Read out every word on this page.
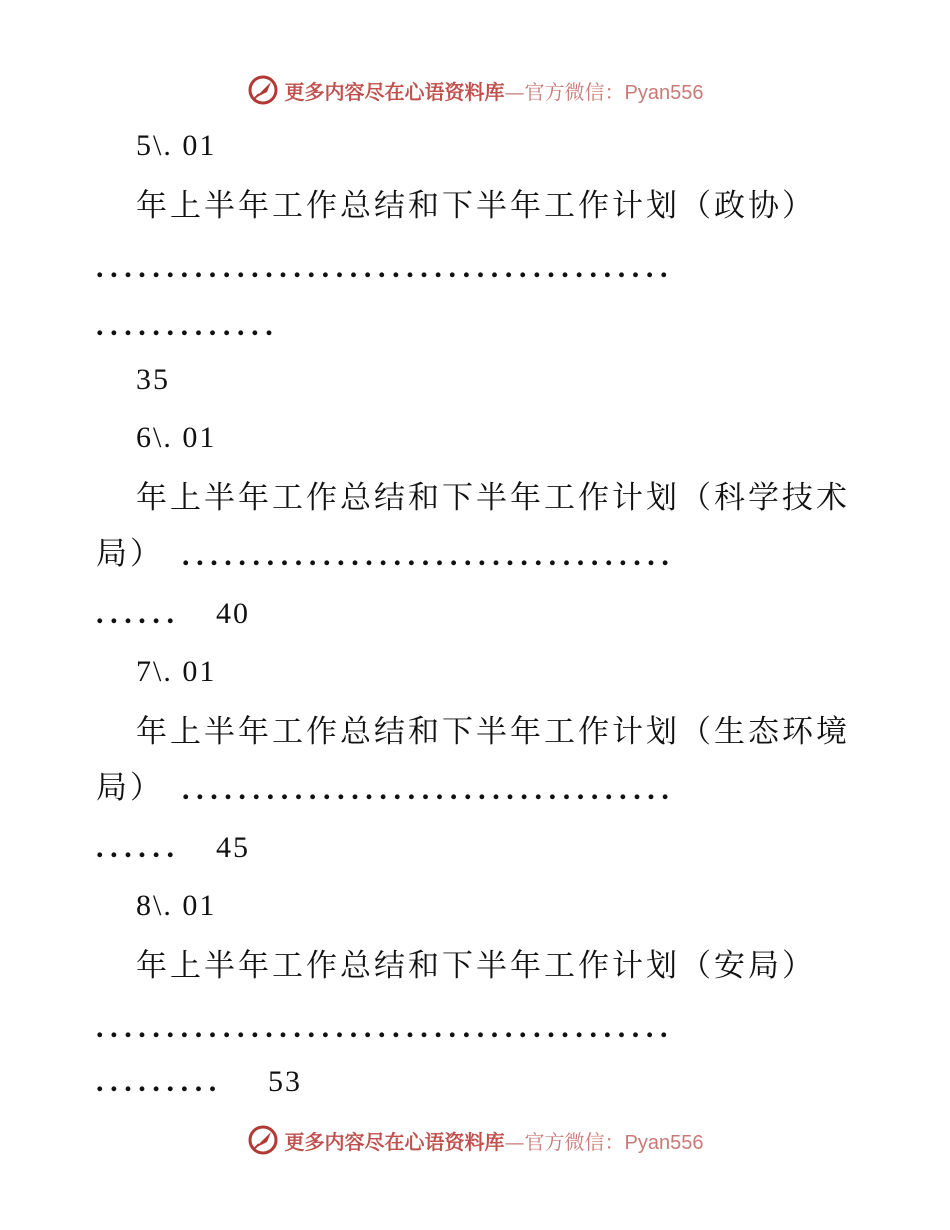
更多内容尽在心语资料库—官方微信：Pyan556
5\. 01
年上半年工作总结和下半年工作计划（政协）
.........................................
.............
35
6\. 01
年上半年工作总结和下半年工作计划（科学技术
局） ...................................
...... 40
7\. 01
年上半年工作总结和下半年工作计划（生态环境
局） ...................................
...... 45
8\. 01
年上半年工作总结和下半年工作计划（安局）
.........................................
......... 53
更多内容尽在心语资料库—官方微信：Pyan556
